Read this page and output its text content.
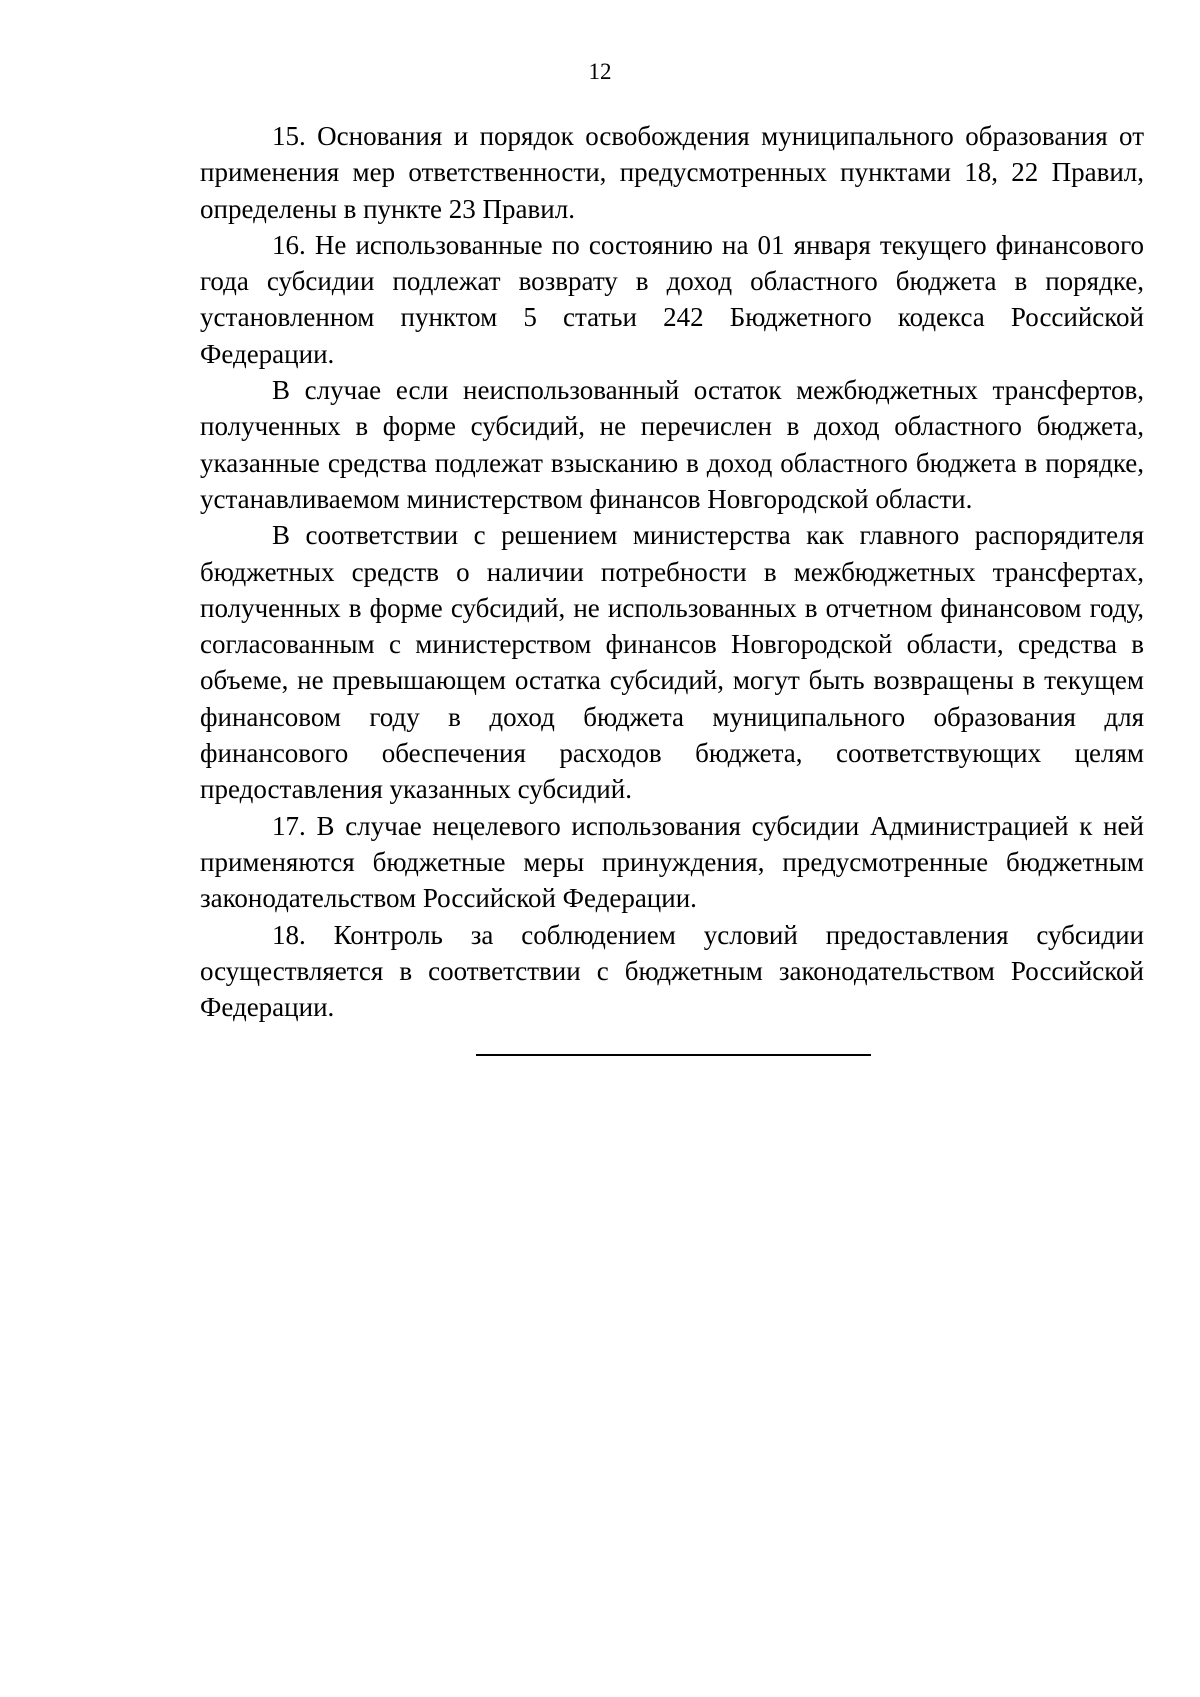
12

15. Основания и порядок освобождения муниципального образования от применения мер ответственности, предусмотренных пунктами 18, 22 Правил, определены в пункте 23 Правил.

16. Не использованные по состоянию на 01 января текущего финансового года субсидии подлежат возврату в доход областного бюджета в порядке, установленном пунктом 5 статьи 242 Бюджетного кодекса Российской Федерации.

В случае если неиспользованный остаток межбюджетных трансфертов, полученных в форме субсидий, не перечислен в доход областного бюджета, указанные средства подлежат взысканию в доход областного бюджета в порядке, устанавливаемом министерством финансов Новгородской области.

В соответствии с решением министерства как главного распорядителя бюджетных средств о наличии потребности в межбюджетных трансфертах, полученных в форме субсидий, не использованных в отчетном финансовом году, согласованным с министерством финансов Новгородской области, средства в объеме, не превышающем остатка субсидий, могут быть возвращены в текущем финансовом году в доход бюджета муниципального образования для финансового обеспечения расходов бюджета, соответствующих целям предоставления указанных субсидий.

17. В случае нецелевого использования субсидии Администрацией к ней применяются бюджетные меры принуждения, предусмотренные бюджетным законодательством Российской Федерации.

18. Контроль за соблюдением условий предоставления субсидии осуществляется в соответствии с бюджетным законодательством Российской Федерации.
